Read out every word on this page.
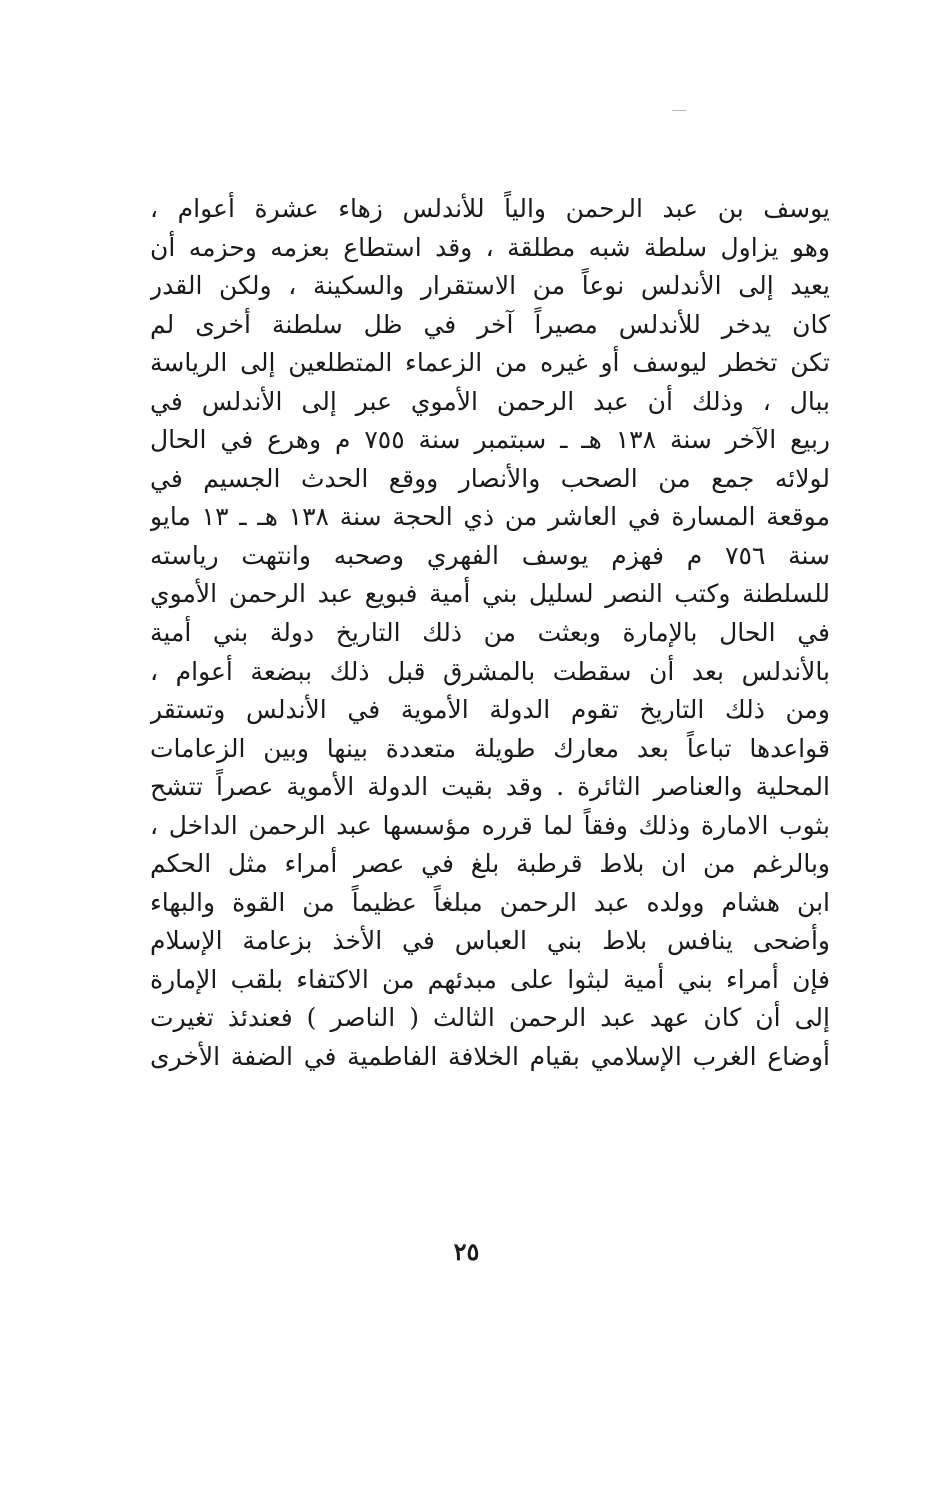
يوسف بن عبد الرحمن والياً للأندلس زهاء عشرة أعوام ،
وهو يزاول سلطة شبه مطلقة ، وقد استطاع بعزمه وحزمه أن
يعيد إلى الأندلس نوعاً من الاستقرار والسكينة ، ولكن القدر
كان يدخر للأندلس مصيراً آخر في ظل سلطنة أخرى لم
تكن تخطر ليوسف أو غيره من الزعماء المتطلعين إلى الرياسة
ببال ، وذلك أن عبد الرحمن الأموي عبر إلى الأندلس في
ربيع الآخر سنة ١٣٨ هـ ـ سبتمبر سنة ٧٥٥ م وهرع في الحال
لولائه جمع من الصحب والأنصار ووقع الحدث الجسيم في
موقعة المسارة في العاشر من ذي الحجة سنة ١٣٨ هـ ـ ١٣ مايو
سنة ٧٥٦ م فهزم يوسف الفهري وصحبه وانتهت رياسته
للسلطنة وكتب النصر لسليل بني أمية فبويع عبد الرحمن الأموي
في الحال بالإمارة وبعثت من ذلك التاريخ دولة بني أمية
بالأندلس بعد أن سقطت بالمشرق قبل ذلك ببضعة أعوام ،
ومن ذلك التاريخ تقوم الدولة الأموية في الأندلس وتستقر
قواعدها تباعاً بعد معارك طويلة متعددة بينها وبين الزعامات
المحلية والعناصر الثائرة . وقد بقيت الدولة الأموية عصراً تتشح
بثوب الامارة وذلك وفقاً لما قرره مؤسسها عبد الرحمن الداخل ،
وبالرغم من ان بلاط قرطبة بلغ في عصر أمراء مثل الحكم
ابن هشام وولده عبد الرحمن مبلغاً عظيماً من القوة والبهاء
وأضحى ينافس بلاط بني العباس في الأخذ بزعامة الإسلام
فإن أمراء بني أمية لبثوا على مبدئهم من الاكتفاء بلقب الإمارة
إلى أن كان عهد عبد الرحمن الثالث ( الناصر ) فعندئذ تغيرت
أوضاع الغرب الإسلامي بقيام الخلافة الفاطمية في الضفة الأخرى
٢٥
